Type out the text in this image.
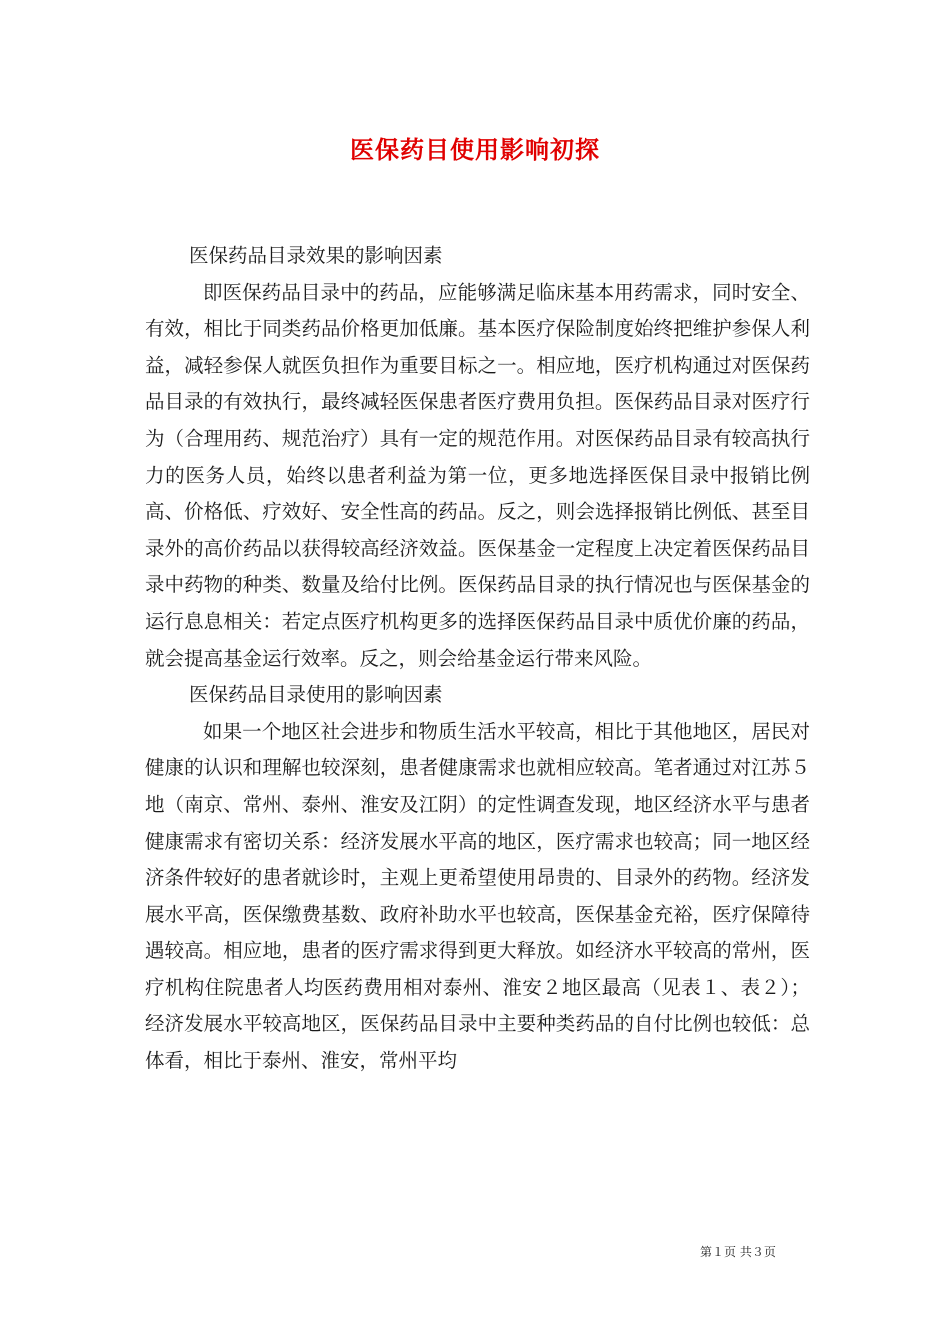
医保药目使用影响初探

医保药品目录效果的影响因素

即医保药品目录中的药品，应能够满足临床基本用药需求，同时安全、有效，相比于同类药品价格更加低廉。基本医疗保险制度始终把维护参保人利益，减轻参保人就医负担作为重要目标之一。相应地，医疗机构通过对医保药品目录的有效执行，最终减轻医保患者医疗费用负担。医保药品目录对医疗行为（合理用药、规范治疗）具有一定的规范作用。对医保药品目录有较高执行力的医务人员，始终以患者利益为第一位，更多地选择医保目录中报销比例高、价格低、疗效好、安全性高的药品。反之，则会选择报销比例低、甚至目录外的高价药品以获得较高经济效益。医保基金一定程度上决定着医保药品目录中药物的种类、数量及给付比例。医保药品目录的执行情况也与医保基金的运行息息相关：若定点医疗机构更多的选择医保药品目录中质优价廉的药品，就会提高基金运行效率。反之，则会给基金运行带来风险。

医保药品目录使用的影响因素

如果一个地区社会进步和物质生活水平较高，相比于其他地区，居民对健康的认识和理解也较深刻，患者健康需求也就相应较高。笔者通过对江苏５地（南京、常州、泰州、淮安及江阴）的定性调查发现，地区经济水平与患者健康需求有密切关系：经济发展水平高的地区，医疗需求也较高；同一地区经济条件较好的患者就诊时，主观上更希望使用昂贵的、目录外的药物。经济发展水平高，医保缴费基数、政府补助水平也较高，医保基金充裕，医疗保障待遇较高。相应地，患者的医疗需求得到更大释放。如经济水平较高的常州，医疗机构住院患者人均医药费用相对泰州、淮安２地区最高（见表１、表２）；经济发展水平较高地区，医保药品目录中主要种类药品的自付比例也较低：总体看，相比于泰州、淮安，常州平均

第１页 共３页
